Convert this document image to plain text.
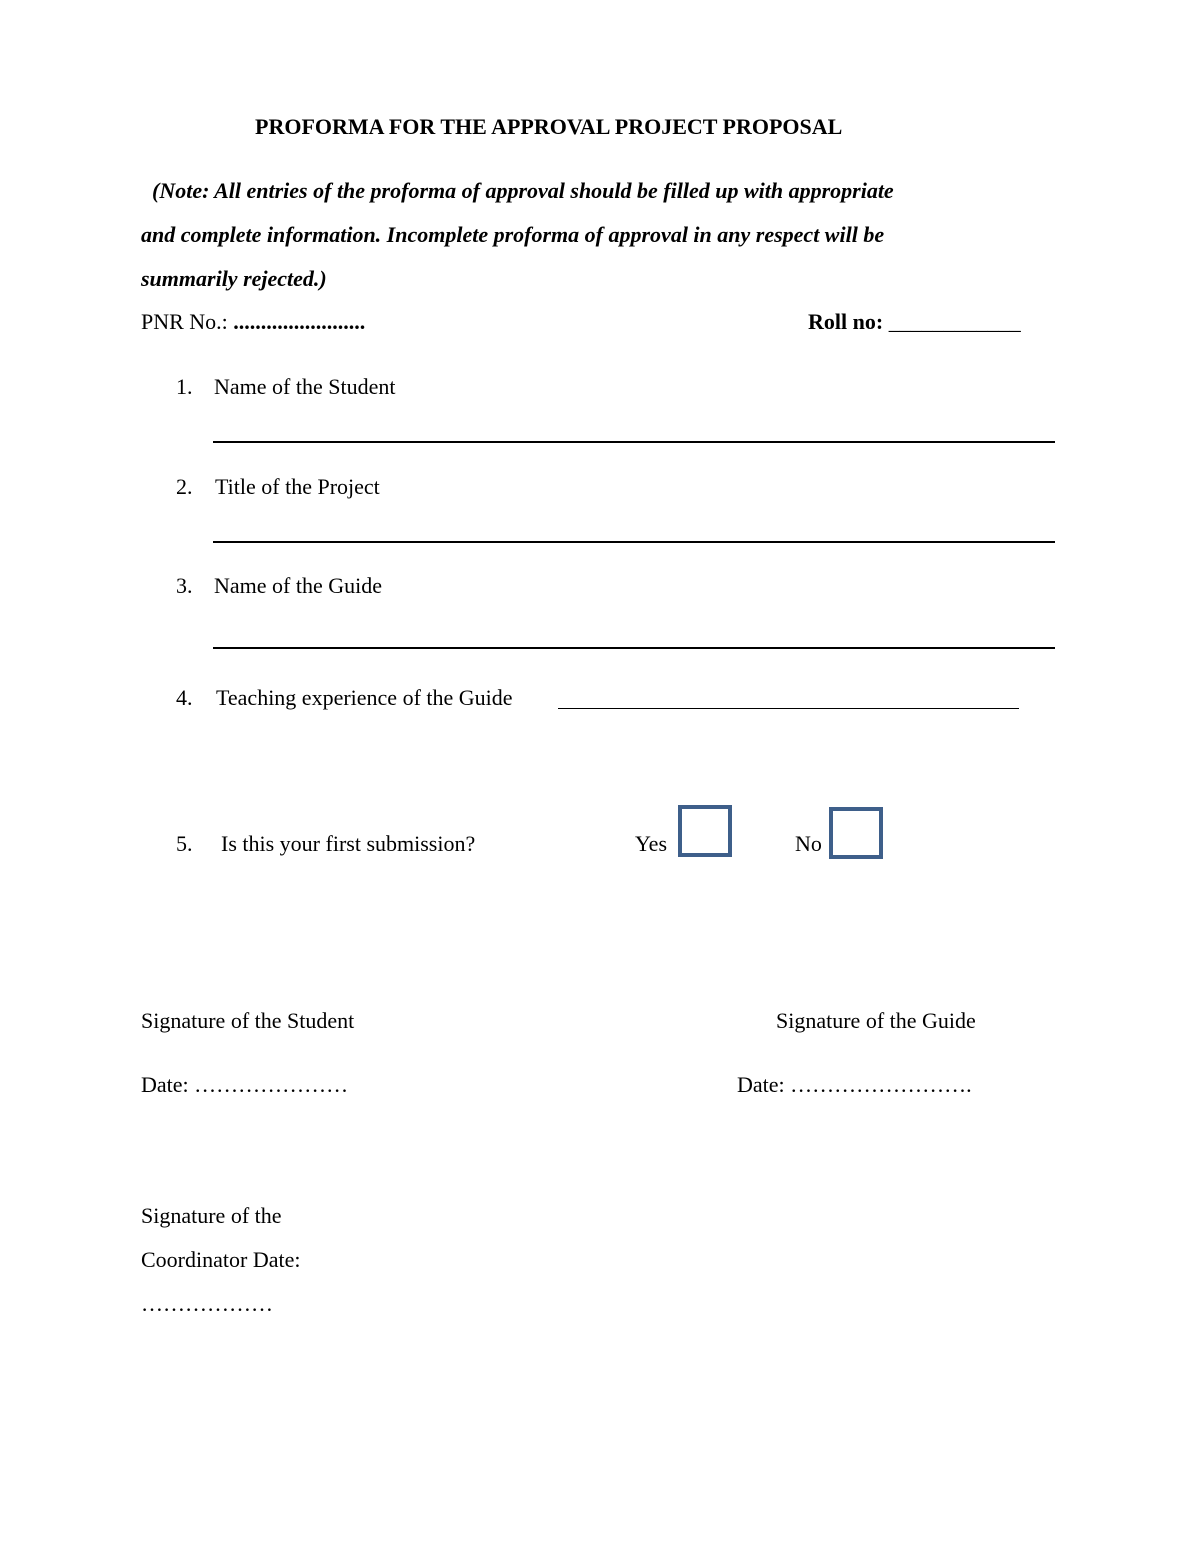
PROFORMA FOR THE APPROVAL PROJECT PROPOSAL
(Note: All entries of the proforma of approval should be filled up with appropriate
and complete information. Incomplete proforma of approval in any respect will be
summarily rejected.)
PNR No.: ........................	Roll no: ____________
1. Name of the Student
2. Title of the Project
3. Name of the Guide
4. Teaching experience of the Guide
5. Is this your first submission?	Yes	No
Signature of the Student	Signature of the Guide
Date: …………………	Date: …………………….
Signature of the
Coordinator Date:
………………
